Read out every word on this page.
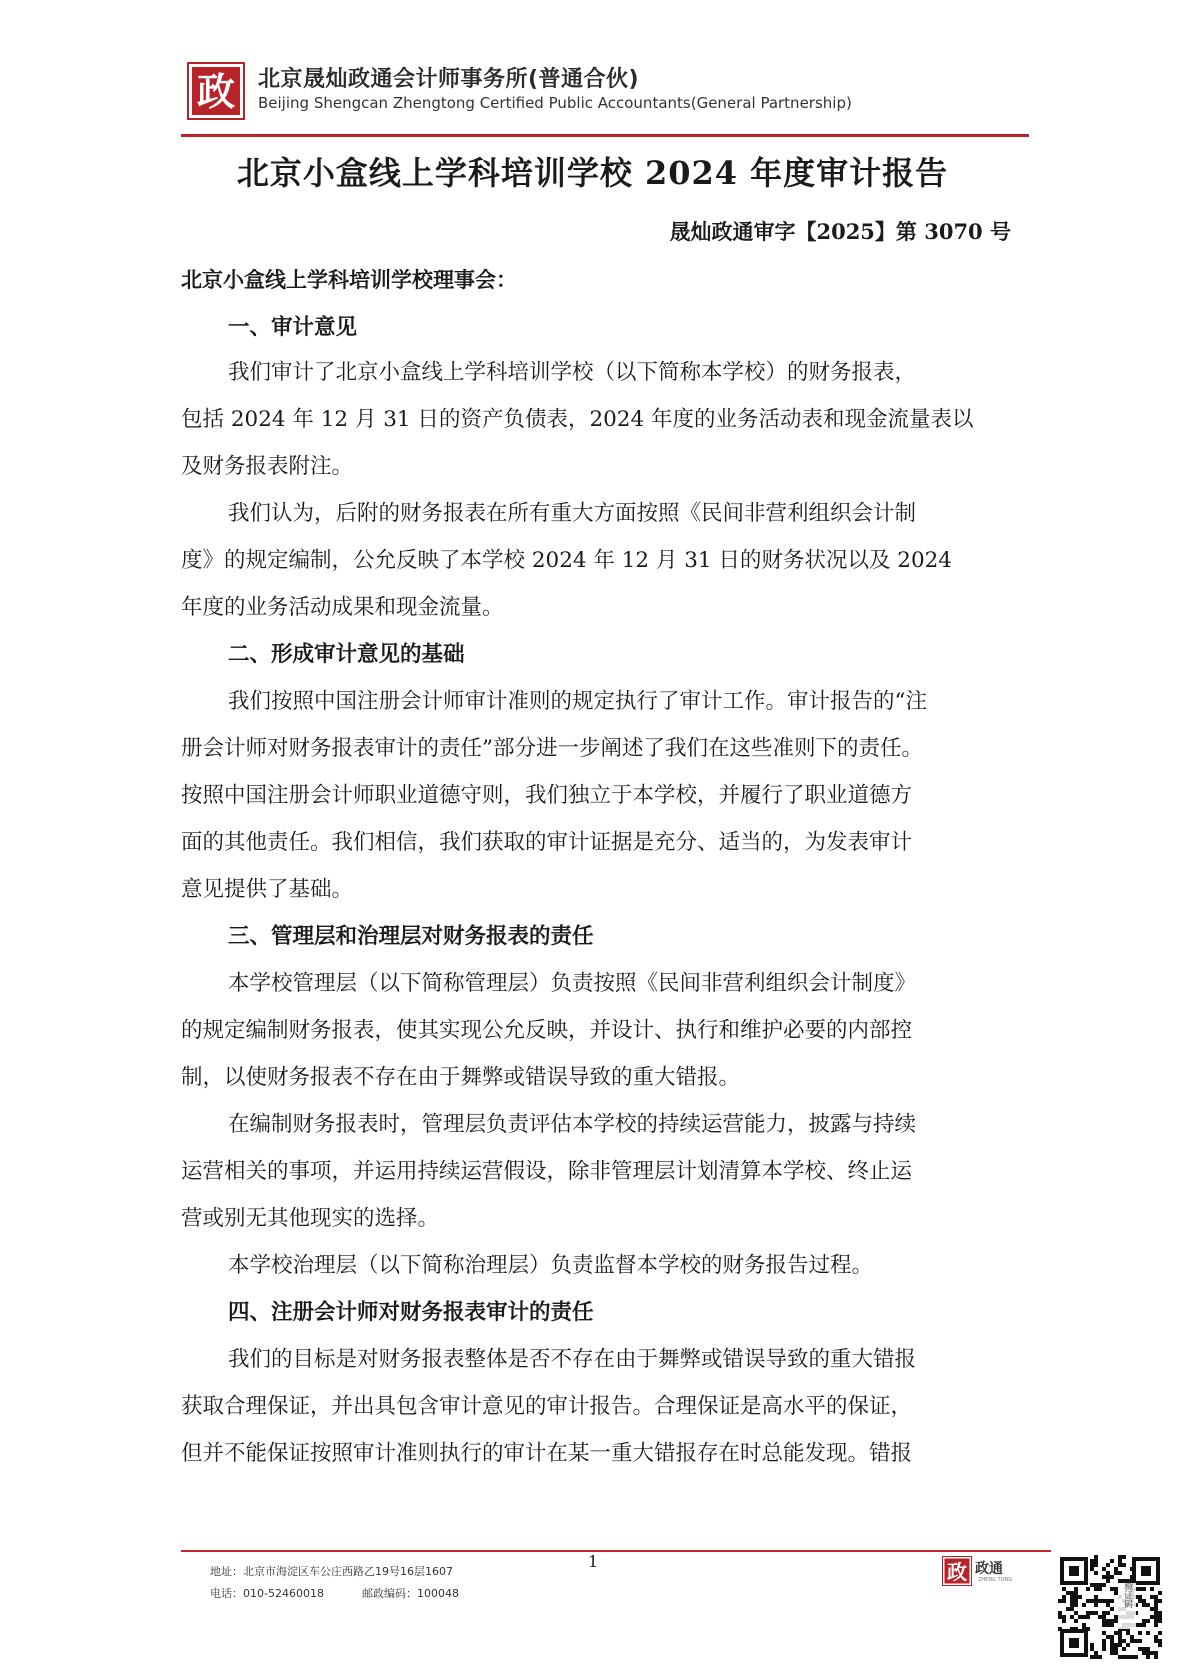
政 北京晟灿政通会计师事务所(普通合伙)
Beijing Shengcan Zhengtong Certified Public Accountants(General Partnership)
北京小盒线上学科培训学校 2024 年度审计报告
晟灿政通审字【2025】第 3070 号
北京小盒线上学科培训学校理事会：
一、审计意见
我们审计了北京小盒线上学科培训学校（以下简称本学校）的财务报表，
包括 2024 年 12 月 31 日的资产负债表，2024 年度的业务活动表和现金流量表以
及财务报表附注。
我们认为，后附的财务报表在所有重大方面按照《民间非营利组织会计制
度》的规定编制，公允反映了本学校 2024 年 12 月 31 日的财务状况以及 2024
年度的业务活动成果和现金流量。
二、形成审计意见的基础
我们按照中国注册会计师审计准则的规定执行了审计工作。审计报告的“注
册会计师对财务报表审计的责任”部分进一步阐述了我们在这些准则下的责任。
按照中国注册会计师职业道德守则，我们独立于本学校，并履行了职业道德方
面的其他责任。我们相信，我们获取的审计证据是充分、适当的，为发表审计
意见提供了基础。
三、管理层和治理层对财务报表的责任
本学校管理层（以下简称管理层）负责按照《民间非营利组织会计制度》
的规定编制财务报表，使其实现公允反映，并设计、执行和维护必要的内部控
制，以使财务报表不存在由于舞弊或错误导致的重大错报。
在编制财务报表时，管理层负责评估本学校的持续运营能力，披露与持续
运营相关的事项，并运用持续运营假设，除非管理层计划清算本学校、终止运
营或别无其他现实的选择。
本学校治理层（以下简称治理层）负责监督本学校的财务报告过程。
四、注册会计师对财务报表审计的责任
我们的目标是对财务报表整体是否不存在由于舞弊或错误导致的重大错报
获取合理保证，并出具包含审计意见的审计报告。合理保证是高水平的保证，
但并不能保证按照审计准则执行的审计在某一重大错报存在时总能发现。错报
1
地址：北京市海淀区车公庄西路乙19号16层1607
电话：010-52460018	邮政编码：100048
政 政通
ZHENG TONG
验证码
